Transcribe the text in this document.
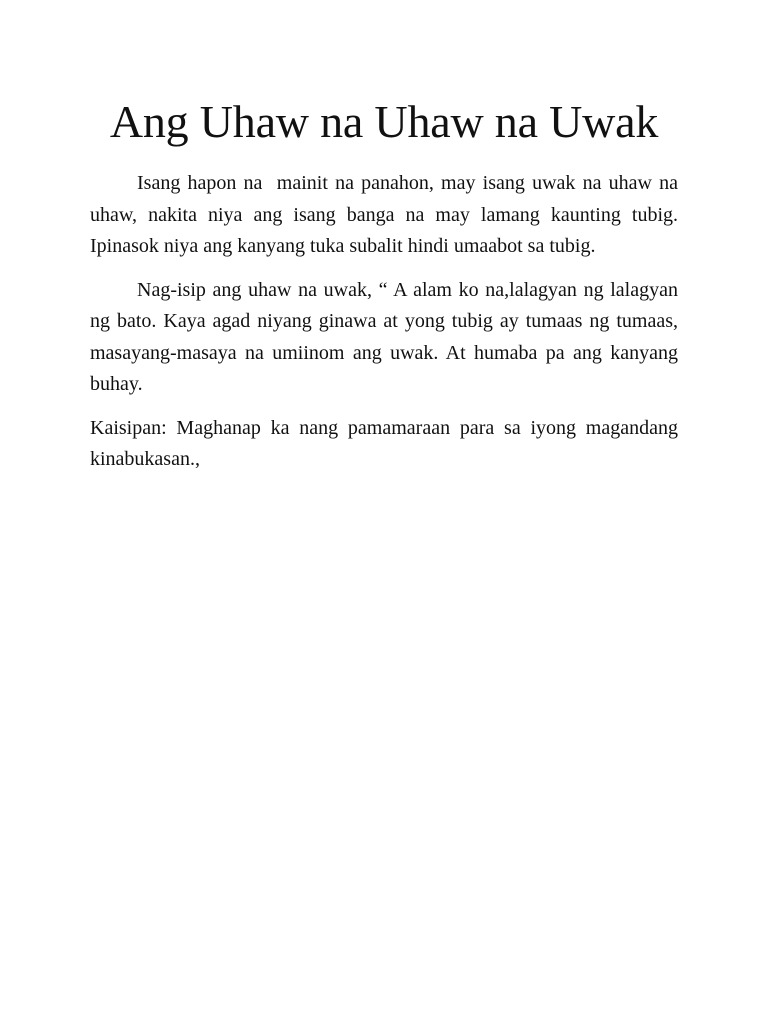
Ang Uhaw na Uhaw na Uwak

Isang hapon na  mainit na panahon, may isang uwak na uhaw na uhaw, nakita niya ang isang banga na may lamang kaunting tubig. Ipinasok niya ang kanyang tuka subalit hindi umaabot sa tubig.

Nag-isip ang uhaw na uwak, “ A alam ko na,lalagyan ng lalagyan ng bato. Kaya agad niyang ginawa at yong tubig ay tumaas ng tumaas, masayang-masaya na umiinom ang uwak. At humaba pa ang kanyang buhay.

Kaisipan: Maghanap ka nang pamamaraan para sa iyong magandang kinabukasan.,
